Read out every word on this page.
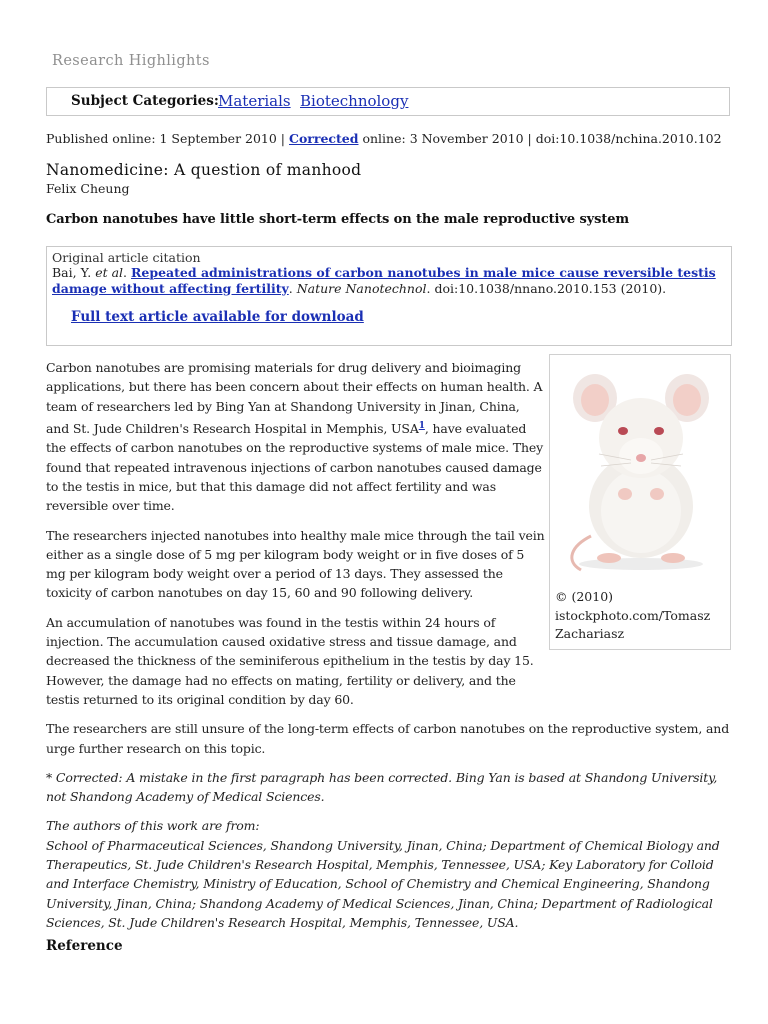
Research Highlights
Subject Categories: Materials Biotechnology
Published online: 1 September 2010 | Corrected online: 3 November 2010 | doi:10.1038/nchina.2010.102
Nanomedicine: A question of manhood
Felix Cheung
Carbon nanotubes have little short-term effects on the male reproductive system
Original article citation
Bai, Y. et al. Repeated administrations of carbon nanotubes in male mice cause reversible testis damage without affecting fertility. Nature Nanotechnol. doi:10.1038/nnano.2010.153 (2010).
Full text article available for download

Carbon nanotubes are promising materials for drug delivery and bioimaging applications, but there has been concern about their effects on human health. A team of researchers led by Bing Yan at Shandong University in Jinan, China, and St. Jude Children's Research Hospital in Memphis, USA$^1$, have evaluated the effects of carbon nanotubes on the reproductive systems of male mice. They found that repeated intravenous injections of carbon nanotubes caused damage to the testis in mice, but that this damage did not affect fertility and was reversible over time.

The researchers injected nanotubes into healthy male mice through the tail vein either as a single dose of 5 mg per kilogram body weight or in five doses of 5 mg per kilogram body weight over a period of 13 days. They assessed the toxicity of carbon nanotubes on day 15, 60 and 90 following delivery.

An accumulation of nanotubes was found in the testis within 24 hours of injection. The accumulation caused oxidative stress and tissue damage, and decreased the thickness of the seminiferous epithelium in the testis by day 15. However, the damage had no effects on mating, fertility or delivery, and the testis returned to its original condition by day 60.

The researchers are still unsure of the long-term effects of carbon nanotubes on the reproductive system, and urge further research on this topic.

* Corrected: A mistake in the first paragraph has been corrected. Bing Yan is based at Shandong University, not Shandong Academy of Medical Sciences.

The authors of this work are from:
School of Pharmaceutical Sciences, Shandong University, Jinan, China; Department of Chemical Biology and Therapeutics, St. Jude Children's Research Hospital, Memphis, Tennessee, USA; Key Laboratory for Colloid and Interface Chemistry, Ministry of Education, School of Chemistry and Chemical Engineering, Shandong University, Jinan, China; Shandong Academy of Medical Sciences, Jinan, China; Department of Radiological Sciences, St. Jude Children's Research Hospital, Memphis, Tennessee, USA.

© (2010) istockphoto.com/Tomasz Zachariasz
Reference
